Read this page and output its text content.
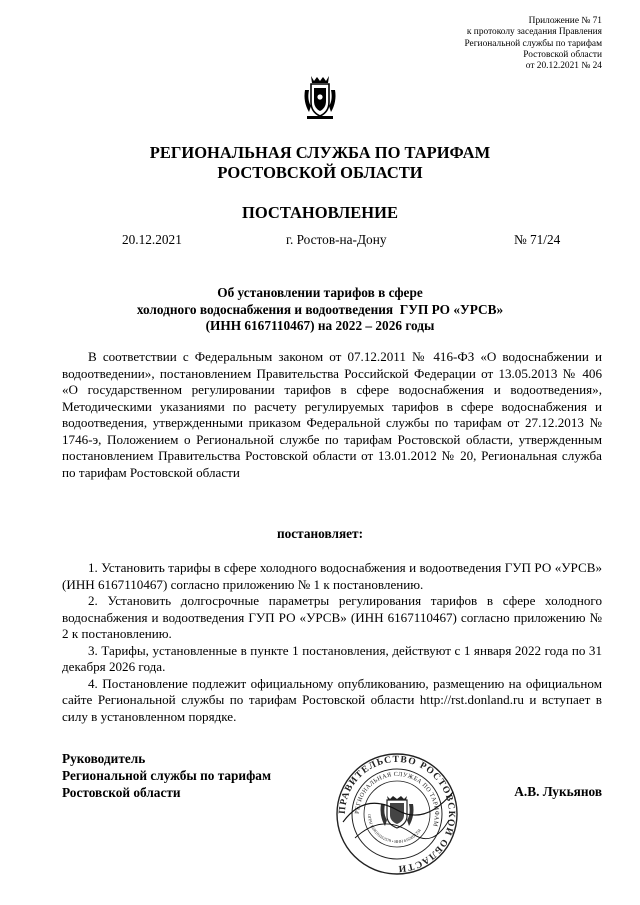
Приложение № 71
к протоколу заседания Правления
Региональной службы по тарифам
Ростовской области
от 20.12.2021 № 24
РЕГИОНАЛЬНАЯ СЛУЖБА ПО ТАРИФАМ
РОСТОВСКОЙ ОБЛАСТИ
ПОСТАНОВЛЕНИЕ
20.12.2021	г. Ростов-на-Дону	№ 71/24
Об установлении тарифов в сфере
холодного водоснабжения и водоотведения  ГУП РО «УРСВ»
(ИНН 6167110467) на 2022 – 2026 годы
В соответствии с Федеральным законом от 07.12.2011 № 416-ФЗ «О водоснабжении и водоотведении», постановлением Правительства Российской Федерации от 13.05.2013 № 406 «О государственном регулировании тарифов в сфере водоснабжения и водоотведения», Методическими указаниями по расчету регулируемых тарифов в сфере водоснабжения и водоотведения, утвержденными приказом Федеральной службы по тарифам от 27.12.2013 № 1746-э, Положением о Региональной службе по тарифам Ростовской области, утвержденным постановлением Правительства Ростовской области от 13.01.2012 № 20, Региональная служба по тарифам Ростовской области
постановляет:

1. Установить тарифы в сфере холодного водоснабжения и водоотведения ГУП РО «УРСВ» (ИНН 6167110467) согласно приложению № 1 к постановлению.

2. Установить долгосрочные параметры регулирования тарифов в сфере холодного водоснабжения и водоотведения ГУП РО «УРСВ» (ИНН 6167110467) согласно приложению № 2 к постановлению.

3. Тарифы, установленные в пункте 1 постановления, действуют с 1 января 2022 года по 31 декабря 2026 года.

4. Постановление подлежит официальному опубликованию, размещению на официальном сайте Региональной службы по тарифам Ростовской области http://rst.donland.ru и вступает в силу в установленном порядке.

Руководитель
Региональной службы по тарифам
Ростовской области
ПРАВИТЕЛЬСТВО РОСТОВСКОЙ ОБЛАСТИ
РЕГИОНАЛЬНАЯ СЛУЖБА ПО ТАРИФАМ
ОГРН 1026103162579 • ИНН 6163031254
А.В. Лукьянов
